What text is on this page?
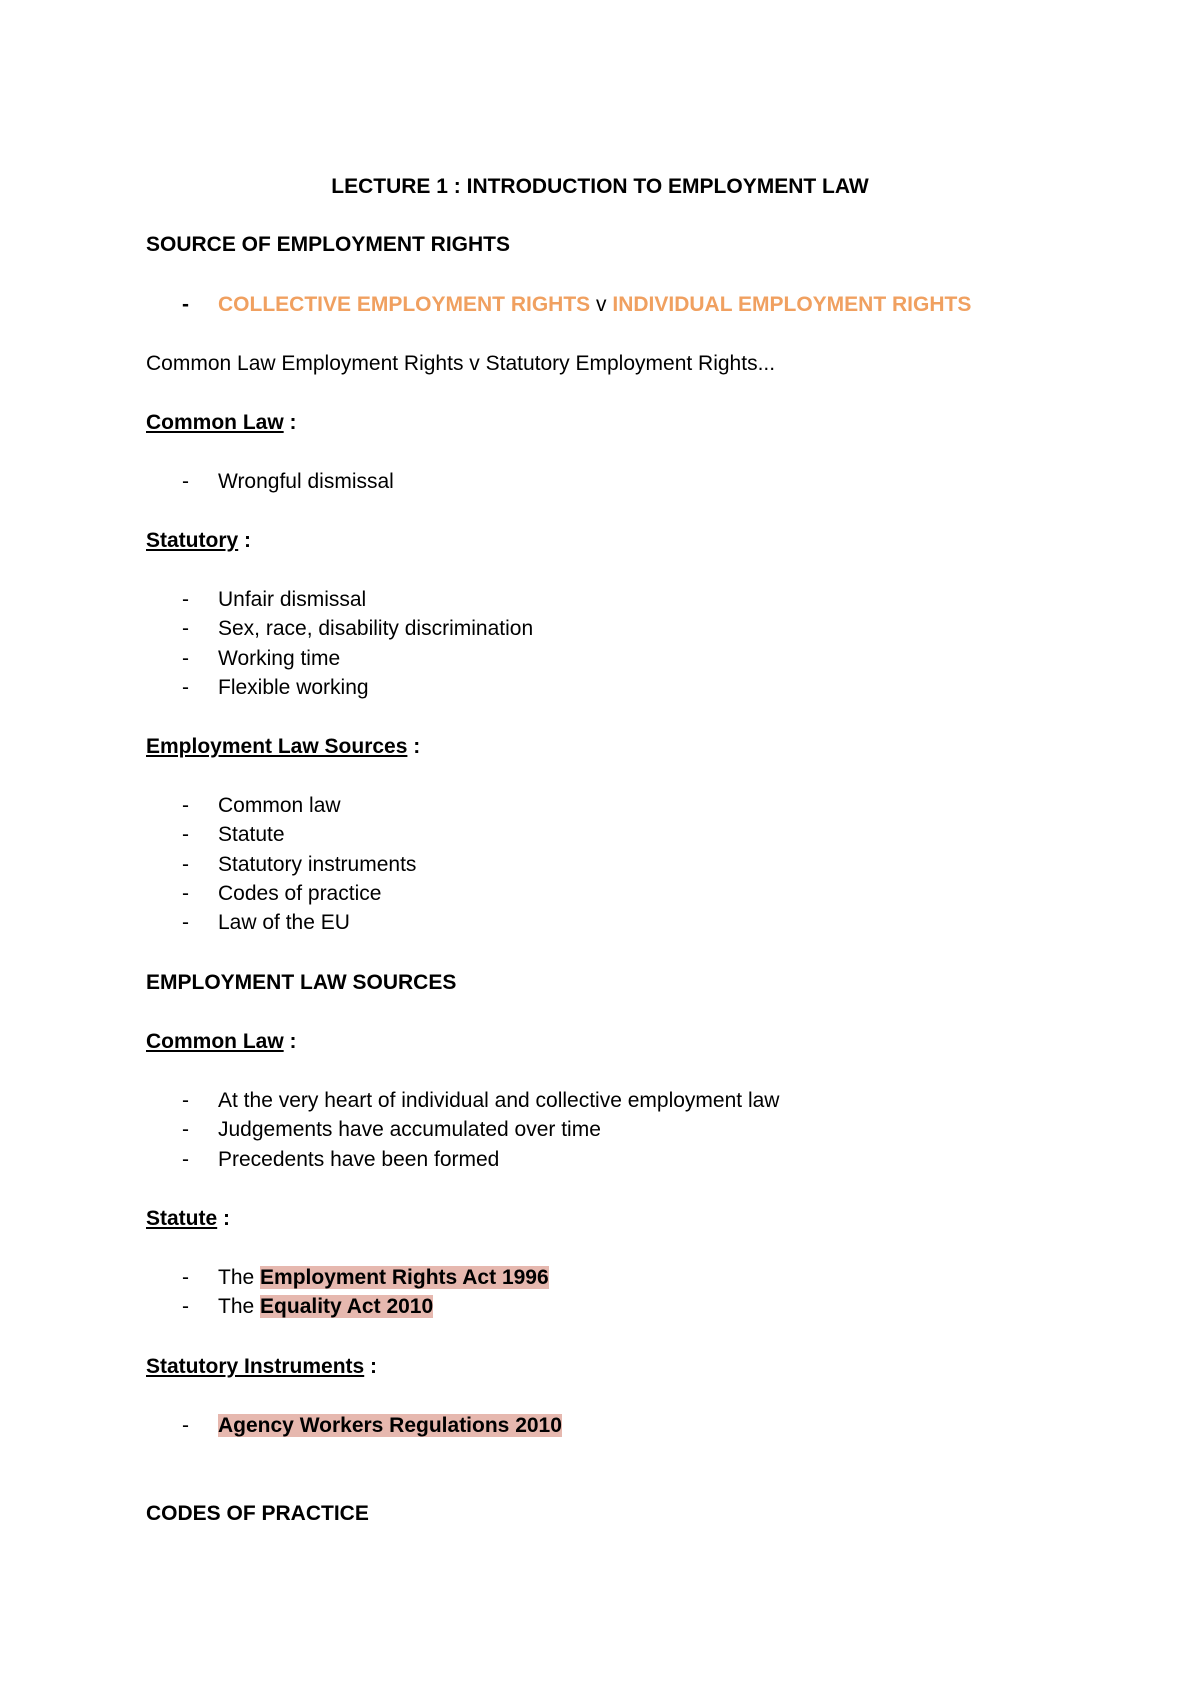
LECTURE 1 : INTRODUCTION TO EMPLOYMENT LAW
SOURCE OF EMPLOYMENT RIGHTS
- COLLECTIVE EMPLOYMENT RIGHTS v INDIVIDUAL EMPLOYMENT RIGHTS
Common Law Employment Rights v Statutory Employment Rights...
Common Law :
- Wrongful dismissal
Statutory :
- Unfair dismissal
- Sex, race, disability discrimination
- Working time
- Flexible working
Employment Law Sources :
- Common law
- Statute
- Statutory instruments
- Codes of practice
- Law of the EU
EMPLOYMENT LAW SOURCES
Common Law :
- At the very heart of individual and collective employment law
- Judgements have accumulated over time
- Precedents have been formed
Statute :
- The Employment Rights Act 1996
- The Equality Act 2010
Statutory Instruments :
- Agency Workers Regulations 2010
CODES OF PRACTICE
